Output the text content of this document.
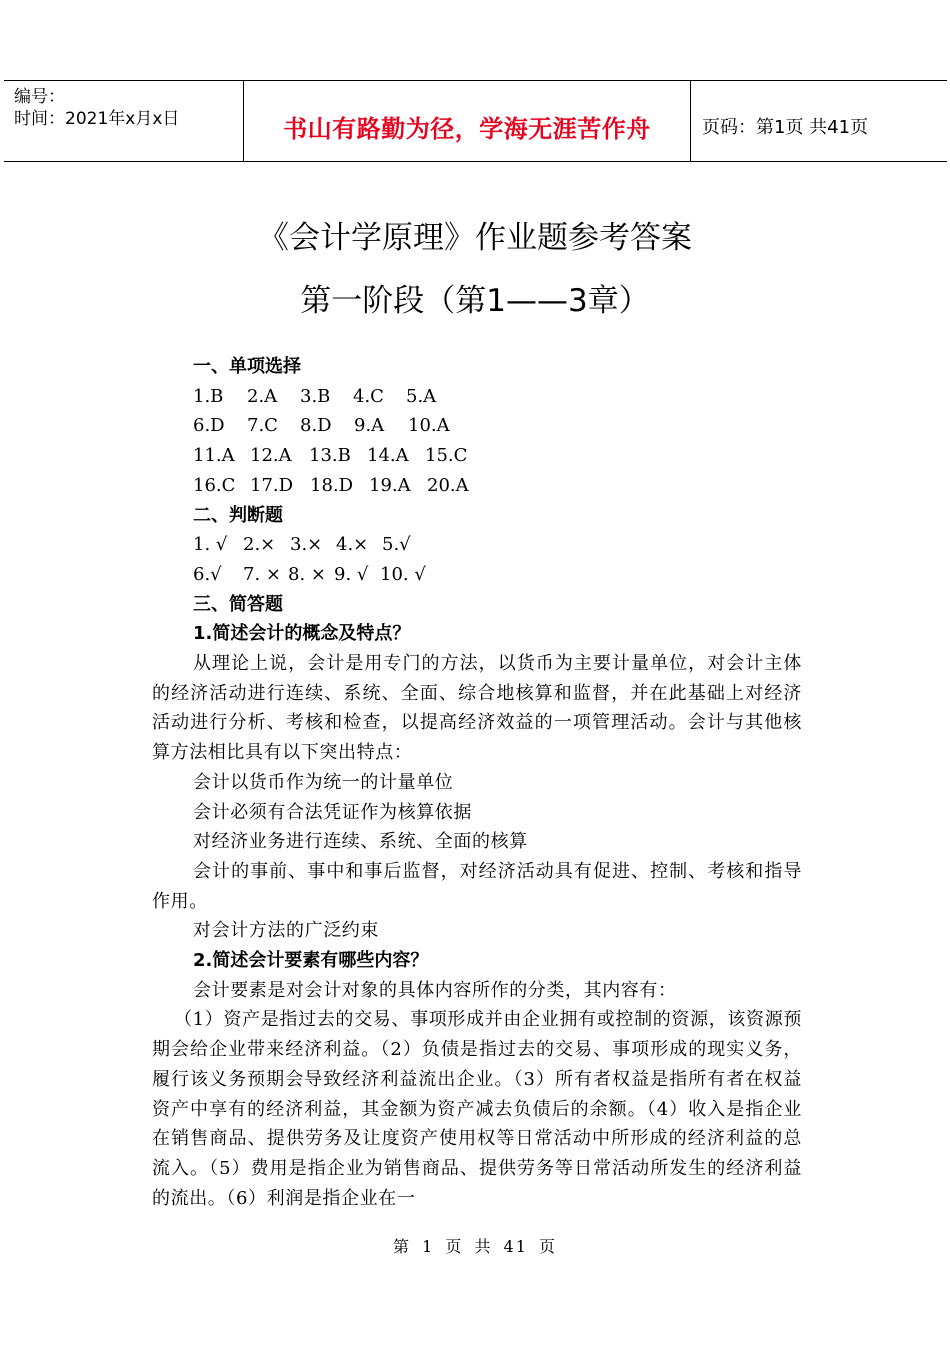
编号：
时间：2021年x月x日	书山有路勤为径，学海无涯苦作舟	页码：第1页 共41页
《会计学原理》作业题参考答案
第一阶段（第1——3章）
一、单项选择
1.B	2.A	3.B	4.C	5.A
6.D	7.C	8.D	9.A	10.A
11.A 12.A 13.B 14.A 15.C
16.C 17.D 18.D 19.A 20.A
二、判断题
1. √ 2.× 3.× 4.× 5.√
6.√	7. × 8. × 9. √ 10. √
三、简答题
1.简述会计的概念及特点？
从理论上说，会计是用专门的方法，以货币为主要计量单位，对会计主体的经济活动进行连续、系统、全面、综合地核算和监督，并在此基础上对经济活动进行分析、考核和检查，以提高经济效益的一项管理活动。会计与其他核算方法相比具有以下突出特点：
会计以货币作为统一的计量单位
会计必须有合法凭证作为核算依据
对经济业务进行连续、系统、全面的核算
会计的事前、事中和事后监督，对经济活动具有促进、控制、考核和指导作用。
对会计方法的广泛约束
2.简述会计要素有哪些内容？
会计要素是对会计对象的具体内容所作的分类，其内容有：
（1）资产是指过去的交易、事项形成并由企业拥有或控制的资源，该资源预期会给企业带来经济利益。（2）负债是指过去的交易、事项形成的现实义务，履行该义务预期会导致经济利益流出企业。（3）所有者权益是指所有者在权益资产中享有的经济利益，其金额为资产减去负债后的余额。（4）收入是指企业在销售商品、提供劳务及让度资产使用权等日常活动中所形成的经济利益的总流入。（5）费用是指企业为销售商品、提供劳务等日常活动所发生的经济利益的流出。（6）利润是指企业在一
第 1 页 共 41 页
